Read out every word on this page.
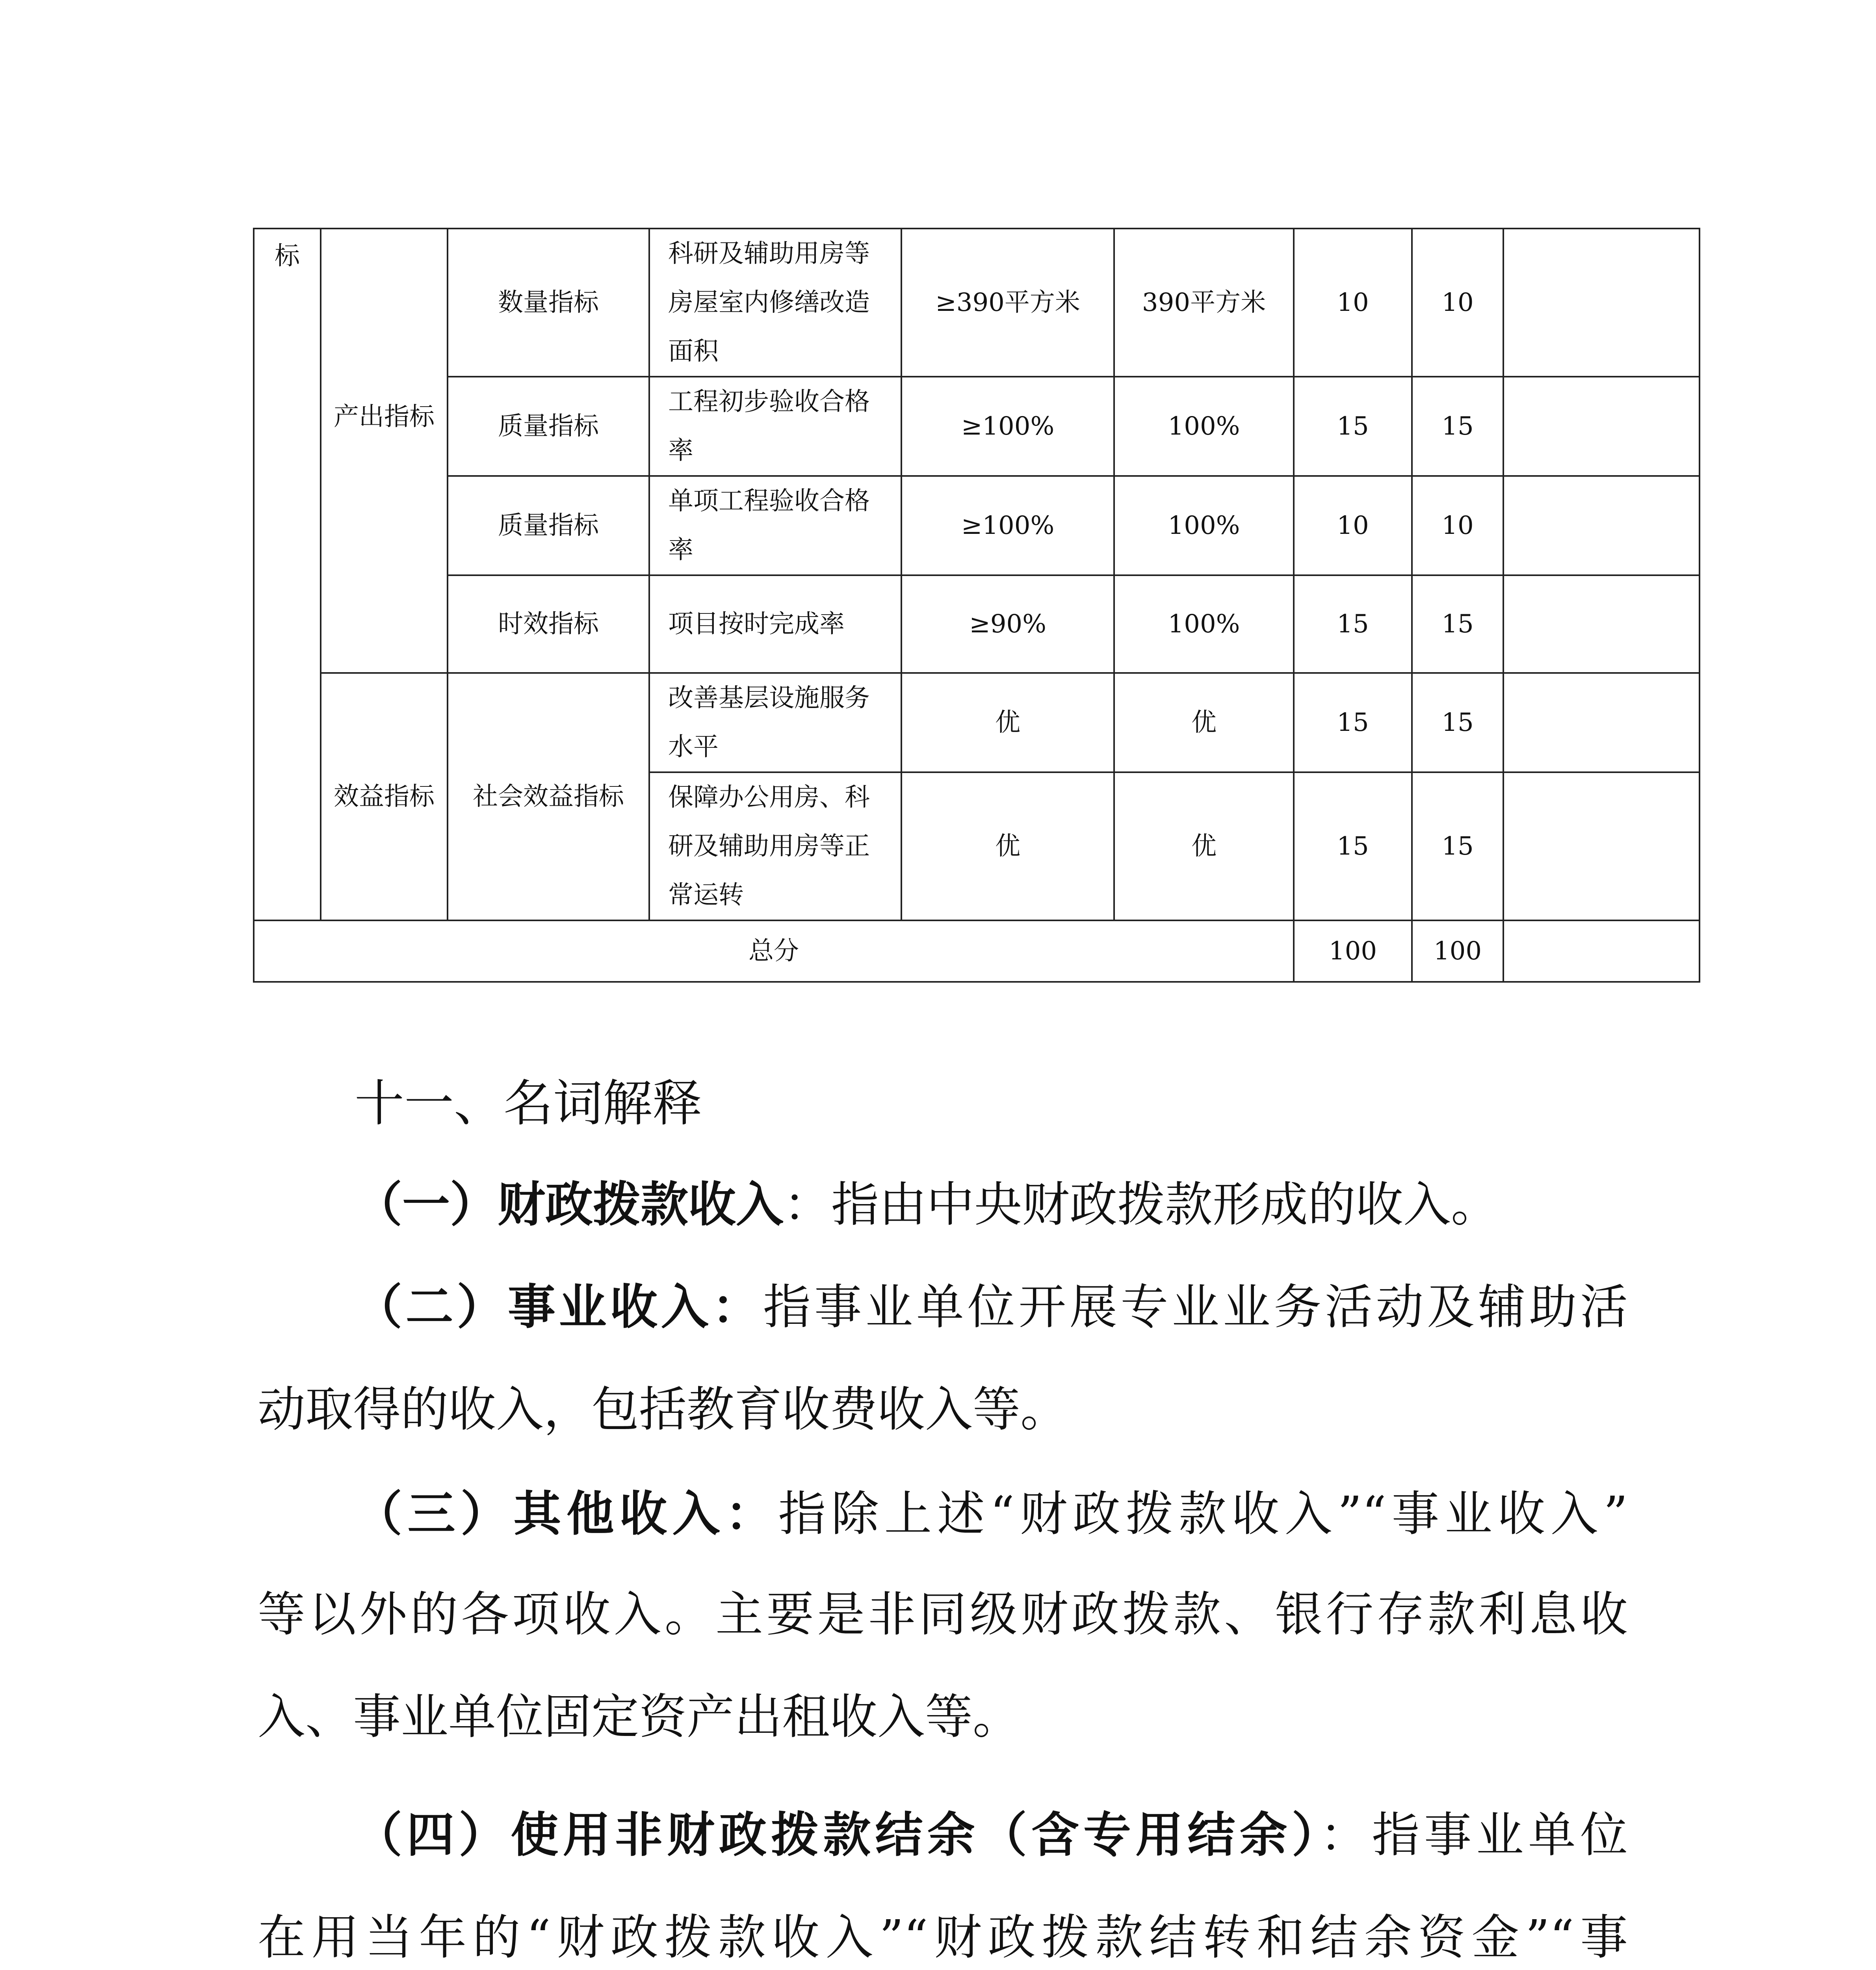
标		数量指标	科研及辅助用房等房屋室内修缮改造面积	≥390平方米	390平方米	10	10	
	产出指标	质量指标	工程初步验收合格率	≥100%	100%	15	15	
		质量指标	单项工程验收合格率	≥100%	100%	10	10	
		时效指标	项目按时完成率	≥90%	100%	15	15	
	效益指标	社会效益指标	改善基层设施服务水平	优	优	15	15	
			保障办公用房、科研及辅助用房等正常运转	优	优	15	15	
总分						100	100	
十一、名词解释
（一）财政拨款收入：指由中央财政拨款形成的收入。
（二）事业收入：指事业单位开展专业业务活动及辅助活
动取得的收入，包括教育收费收入等。
（三）其他收入：指除上述“财政拨款收入”“事业收入”
等以外的各项收入。主要是非同级财政拨款、银行存款利息收
入、事业单位固定资产出租收入等。
（四）使用非财政拨款结余（含专用结余）：指事业单位
在用当年的“财政拨款收入”“财政拨款结转和结余资金”“事
